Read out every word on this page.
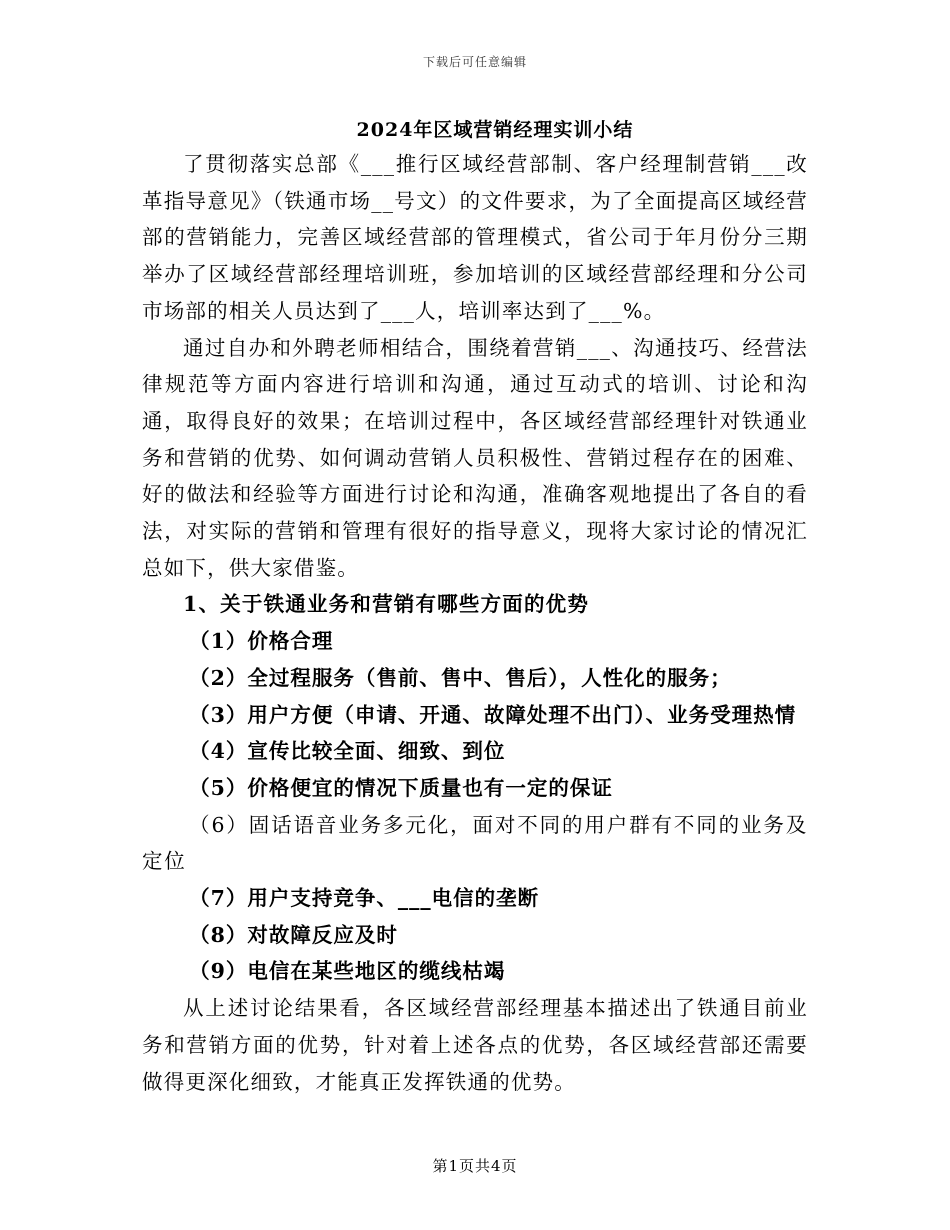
下载后可任意编辑
2024年区域营销经理实训小结

了贯彻落实总部《___推行区域经营部制、客户经理制营销___改革指导意见》（铁通市场__号文）的文件要求，为了全面提高区域经营部的营销能力，完善区域经营部的管理模式，省公司于年月份分三期举办了区域经营部经理培训班，参加培训的区域经营部经理和分公司市场部的相关人员达到了___人，培训率达到了___%。

通过自办和外聘老师相结合，围绕着营销___、沟通技巧、经营法律规范等方面内容进行培训和沟通，通过互动式的培训、讨论和沟通，取得良好的效果；在培训过程中，各区域经营部经理针对铁通业务和营销的优势、如何调动营销人员积极性、营销过程存在的困难、好的做法和经验等方面进行讨论和沟通，准确客观地提出了各自的看法，对实际的营销和管理有很好的指导意义，现将大家讨论的情况汇总如下，供大家借鉴。

1、关于铁通业务和营销有哪些方面的优势

（1）价格合理
（2）全过程服务（售前、售中、售后），人性化的服务；
（3）用户方便（申请、开通、故障处理不出门）、业务受理热情
（4）宣传比较全面、细致、到位
（5）价格便宜的情况下质量也有一定的保证
（6）固话语音业务多元化，面对不同的用户群有不同的业务及定位
（7）用户支持竞争、___电信的垄断
（8）对故障反应及时
（9）电信在某些地区的缆线枯竭

从上述讨论结果看，各区域经营部经理基本描述出了铁通目前业务和营销方面的优势，针对着上述各点的优势，各区域经营部还需要做得更深化细致，才能真正发挥铁通的优势。

第1页共4页
